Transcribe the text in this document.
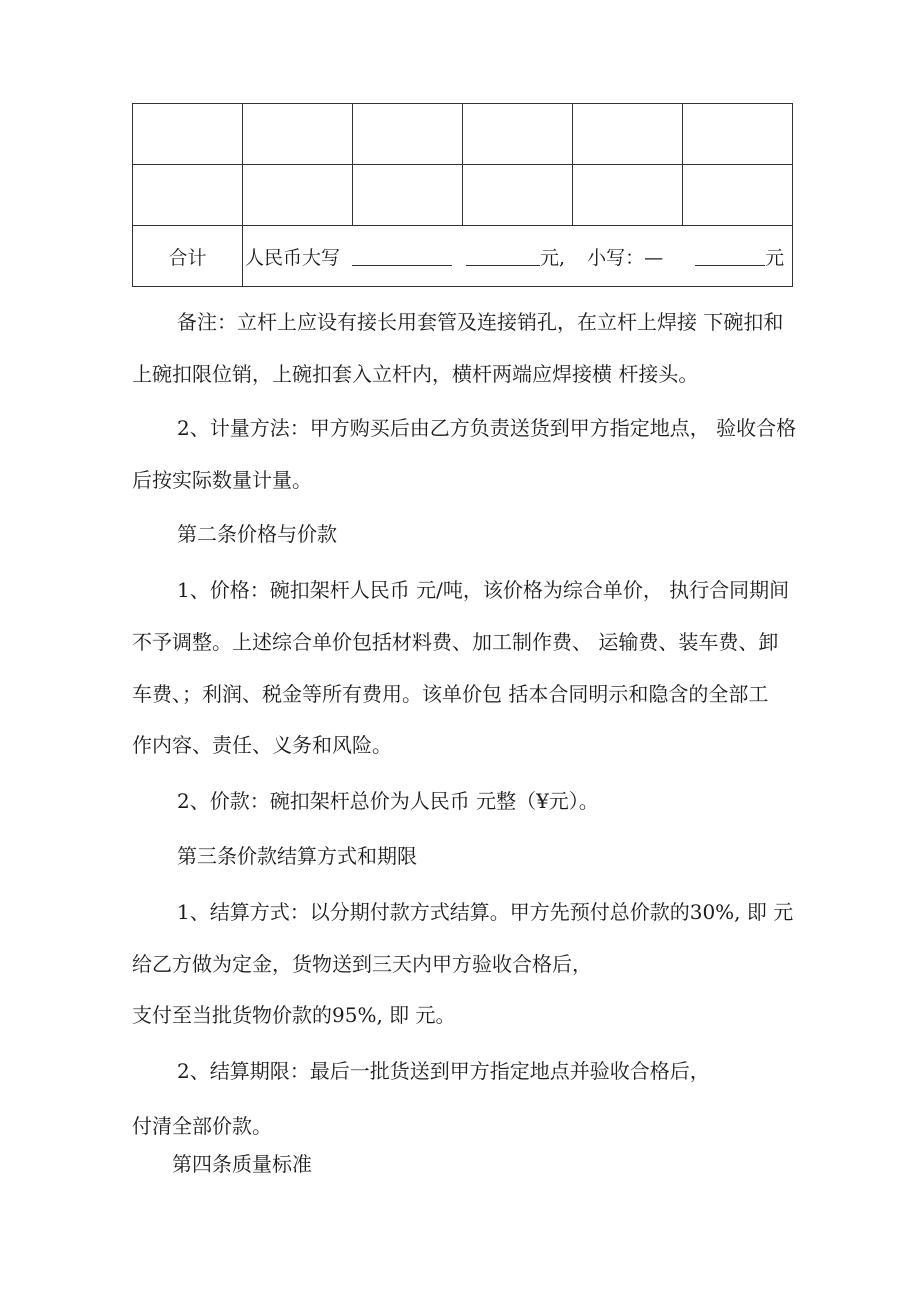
合计	人民币大写 元, 小写：— 元				
备注：立杆上应设有接长用套管及连接销孔，在立杆上焊接 下碗扣和
上碗扣限位销，上碗扣套入立杆内，横杆两端应焊接横 杆接头。
2、计量方法：甲方购买后由乙方负责送货到甲方指定地点， 验收合格
后按实际数量计量。
第二条价格与价款
1、价格：碗扣架杆人民币 元/吨，该价格为综合单价， 执行合同期间
不予调整。上述综合单价包括材料费、加工制作费、 运输费、装车费、卸
车费、；利润、税金等所有费用。该单价包 括本合同明示和隐含的全部工
作内容、责任、义务和风险。
2、价款：碗扣架杆总价为人民币 元整（¥元）。
第三条价款结算方式和期限
1、结算方式：以分期付款方式结算。甲方先预付总价款的30%, 即 元
给乙方做为定金，货物送到三天内甲方验收合格后，
支付至当批货物价款的95%, 即 元。
2、结算期限：最后一批货送到甲方指定地点并验收合格后，
付清全部价款。
第四条质量标准
